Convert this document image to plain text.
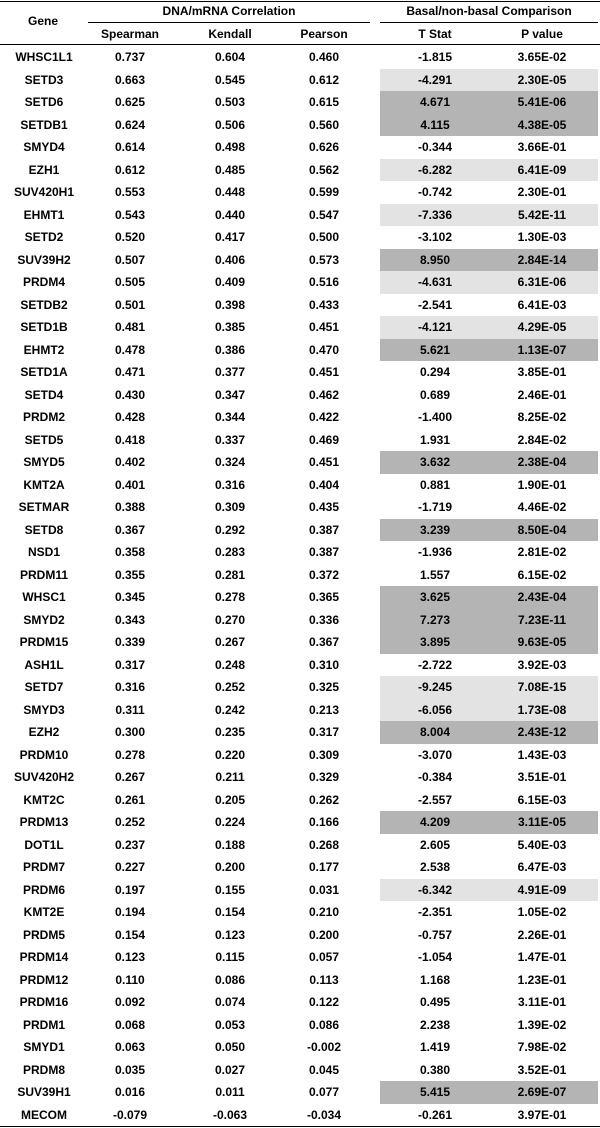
Gene
DNA/mRNA Correlation	Basal/non-basal Comparison
Spearman	Kendall	Pearson	T Stat	P value
WHSC1L1	0.737	0.604	0.460	-1.815	3.65E-02
SETD3	0.663	0.545	0.612	-4.291	2.30E-05
SETD6	0.625	0.503	0.615	4.671	5.41E-06
SETDB1	0.624	0.506	0.560	4.115	4.38E-05
SMYD4	0.614	0.498	0.626	-0.344	3.66E-01
EZH1	0.612	0.485	0.562	-6.282	6.41E-09
SUV420H1	0.553	0.448	0.599	-0.742	2.30E-01
EHMT1	0.543	0.440	0.547	-7.336	5.42E-11
SETD2	0.520	0.417	0.500	-3.102	1.30E-03
SUV39H2	0.507	0.406	0.573	8.950	2.84E-14
PRDM4	0.505	0.409	0.516	-4.631	6.31E-06
SETDB2	0.501	0.398	0.433	-2.541	6.41E-03
SETD1B	0.481	0.385	0.451	-4.121	4.29E-05
EHMT2	0.478	0.386	0.470	5.621	1.13E-07
SETD1A	0.471	0.377	0.451	0.294	3.85E-01
SETD4	0.430	0.347	0.462	0.689	2.46E-01
PRDM2	0.428	0.344	0.422	-1.400	8.25E-02
SETD5	0.418	0.337	0.469	1.931	2.84E-02
SMYD5	0.402	0.324	0.451	3.632	2.38E-04
KMT2A	0.401	0.316	0.404	0.881	1.90E-01
SETMAR	0.388	0.309	0.435	-1.719	4.46E-02
SETD8	0.367	0.292	0.387	3.239	8.50E-04
NSD1	0.358	0.283	0.387	-1.936	2.81E-02
PRDM11	0.355	0.281	0.372	1.557	6.15E-02
WHSC1	0.345	0.278	0.365	3.625	2.43E-04
SMYD2	0.343	0.270	0.336	7.273	7.23E-11
PRDM15	0.339	0.267	0.367	3.895	9.63E-05
ASH1L	0.317	0.248	0.310	-2.722	3.92E-03
SETD7	0.316	0.252	0.325	-9.245	7.08E-15
SMYD3	0.311	0.242	0.213	-6.056	1.73E-08
EZH2	0.300	0.235	0.317	8.004	2.43E-12
PRDM10	0.278	0.220	0.309	-3.070	1.43E-03
SUV420H2	0.267	0.211	0.329	-0.384	3.51E-01
KMT2C	0.261	0.205	0.262	-2.557	6.15E-03
PRDM13	0.252	0.224	0.166	4.209	3.11E-05
DOT1L	0.237	0.188	0.268	2.605	5.40E-03
PRDM7	0.227	0.200	0.177	2.538	6.47E-03
PRDM6	0.197	0.155	0.031	-6.342	4.91E-09
KMT2E	0.194	0.154	0.210	-2.351	1.05E-02
PRDM5	0.154	0.123	0.200	-0.757	2.26E-01
PRDM14	0.123	0.115	0.057	-1.054	1.47E-01
PRDM12	0.110	0.086	0.113	1.168	1.23E-01
PRDM16	0.092	0.074	0.122	0.495	3.11E-01
PRDM1	0.068	0.053	0.086	2.238	1.39E-02
SMYD1	0.063	0.050	-0.002	1.419	7.98E-02
PRDM8	0.035	0.027	0.045	0.380	3.52E-01
SUV39H1	0.016	0.011	0.077	5.415	2.69E-07
MECOM	-0.079	-0.063	-0.034	-0.261	3.97E-01
